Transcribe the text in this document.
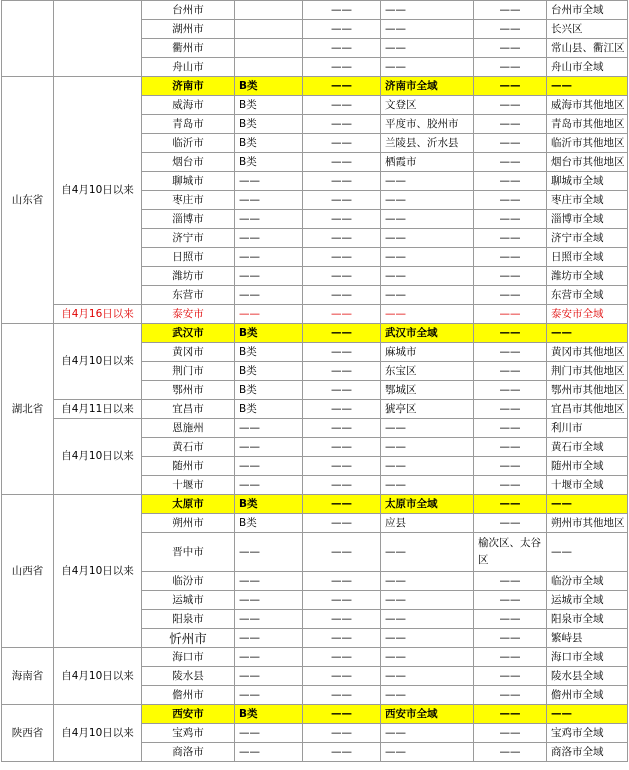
		台州市		——	——	——	台州市全域
		湖州市		——	——	——	长兴区
		衢州市		——	——	——	常山县、衢江区
		舟山市		——	——	——	舟山市全域
山东省	自4月10日以来	济南市	B类	——	济南市全域	——	——
		威海市	B类	——	文登区	——	威海市其他地区
		青岛市	B类	——	平度市、胶州市	——	青岛市其他地区
		临沂市	B类	——	兰陵县、沂水县	——	临沂市其他地区
		烟台市	B类	——	栖霞市	——	烟台市其他地区
		聊城市	——	——	——	——	聊城市全域
		枣庄市	——	——	——	——	枣庄市全域
		淄博市	——	——	——	——	淄博市全域
		济宁市	——	——	——	——	济宁市全域
		日照市	——	——	——	——	日照市全域
		潍坊市	——	——	——	——	潍坊市全域
		东营市	——	——	——	——	东营市全域
	自4月16日以来	泰安市	——	——	——	——	泰安市全域
湖北省	自4月10日以来	武汉市	B类	——	武汉市全域	——	——
		黄冈市	B类	——	麻城市	——	黄冈市其他地区
		荆门市	B类	——	东宝区	——	荆门市其他地区
		鄂州市	B类	——	鄂城区	——	鄂州市其他地区
	自4月11日以来	宜昌市	B类	——	猇亭区	——	宜昌市其他地区
	自4月10日以来	恩施州	——	——	——	——	利川市
		黄石市	——	——	——	——	黄石市全域
		随州市	——	——	——	——	随州市全域
		十堰市	——	——	——	——	十堰市全域
山西省	自4月10日以来	太原市	B类	——	太原市全域	——	——
		朔州市	B类	——	应县	——	朔州市其他地区
		晋中市	——	——	——	榆次区、太谷区	——
		临汾市	——	——	——	——	临汾市全域
		运城市	——	——	——	——	运城市全域
		阳泉市	——	——	——	——	阳泉市全域
		忻州市	——	——	——	——	繁峙县
海南省	自4月10日以来	海口市	——	——	——	——	海口市全域
		陵水县	——	——	——	——	陵水县全域
		儋州市	——	——	——	——	儋州市全域
陕西省	自4月10日以来	西安市	B类	——	西安市全域	——	——
		宝鸡市	——	——	——	——	宝鸡市全域
		商洛市	——	——	——	——	商洛市全域
